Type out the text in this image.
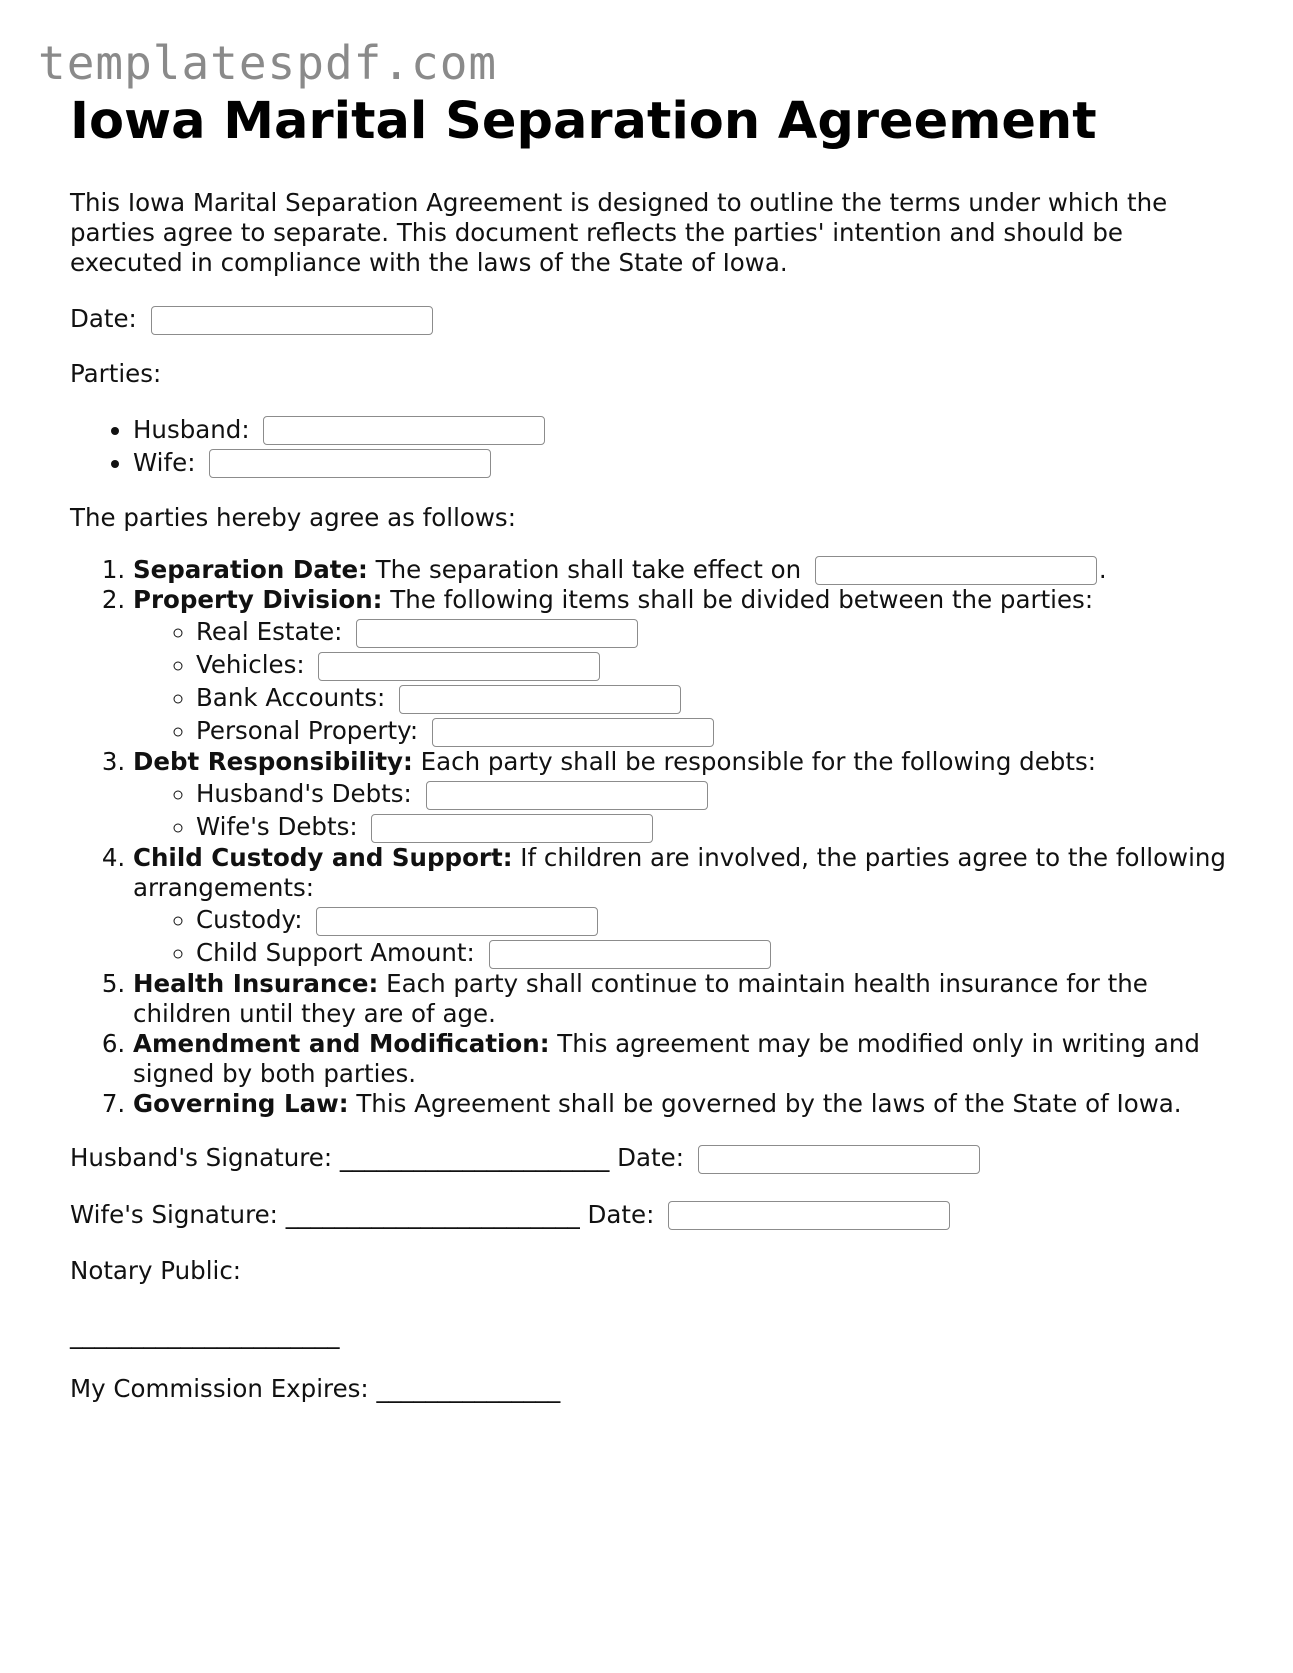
templatespdf.com
Iowa Marital Separation Agreement

This Iowa Marital Separation Agreement is designed to outline the terms under which the parties agree to separate. This document reflects the parties' intention and should be executed in compliance with the laws of the State of Iowa.

Date:
Parties:
• Husband:
• Wife:
The parties hereby agree as follows:
1. Separation Date: The separation shall take effect on	.
2. Property Division: The following items shall be divided between the parties:
◦ Real Estate:
◦ Vehicles:
◦ Bank Accounts:
◦ Personal Property:
3. Debt Responsibility: Each party shall be responsible for the following debts:
◦ Husband's Debts:
◦ Wife's Debts:
4. Child Custody and Support: If children are involved, the parties agree to the following arrangements:
◦ Custody:
◦ Child Support Amount:
5. Health Insurance: Each party shall continue to maintain health insurance for the children until they are of age.
6. Amendment and Modification: This agreement may be modified only in writing and signed by both parties.
7. Governing Law: This Agreement shall be governed by the laws of the State of Iowa.
Husband's Signature: ______________________ Date:
Wife's Signature: ________________________ Date:
Notary Public:
______________________
My Commission Expires: _______________
